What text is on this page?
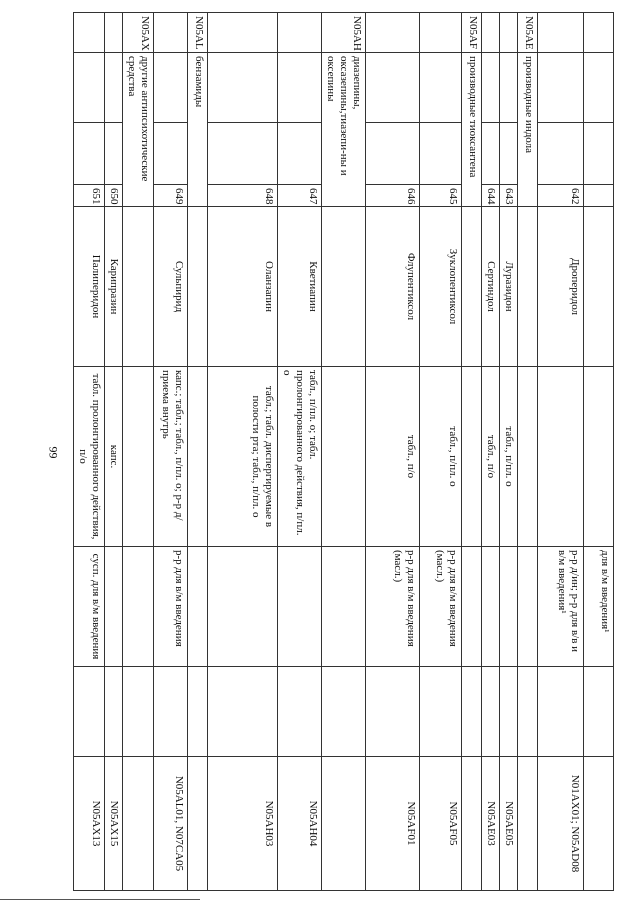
99
						для в/м введения¹		
			642	Дроперидол		р-р д/ин; р-р для в/в и в/м введения¹		N01AX01; N05AD08
N05AE	производные индола							
			643	Луразидон	табл., п/пл. о			N05AE05
			644	Сертиндол	табл., п/о			N05AE03
N05AF	производные тиоксантена							
			645	Зуклопентиксол	табл., п/пл. о	р-р для в/м введения (масл.)		N05AF05
			646	Флупентиксол	табл., п/о	р-р для в/м введения (масл.)		N05AF01
N05AH	диазепины, оксазепины,тиазепи-ны и оксепины							
			647	Кветиапин	табл., п/пл. о; табл. пролонгированного действия, п/пл. о			N05AH04
			648	Оланзапин	табл.; табл. диспергируемые в полости рта; табл., п/пл. о			N05AH03
N05AL	бензамиды							
			649	Сульпирид	капс.; табл.; табл., п/пл. о; р-р д/приема внутрь	р-р для в/м введения		N05AL01, N07CA05
N05AX	другие антипсихотические средства							
			650	Карипразин	капс.			N05AX15
			651	Палиперидон	табл. пролонгированного действия, п/о	сусп. для в/м введения		N05AX13
